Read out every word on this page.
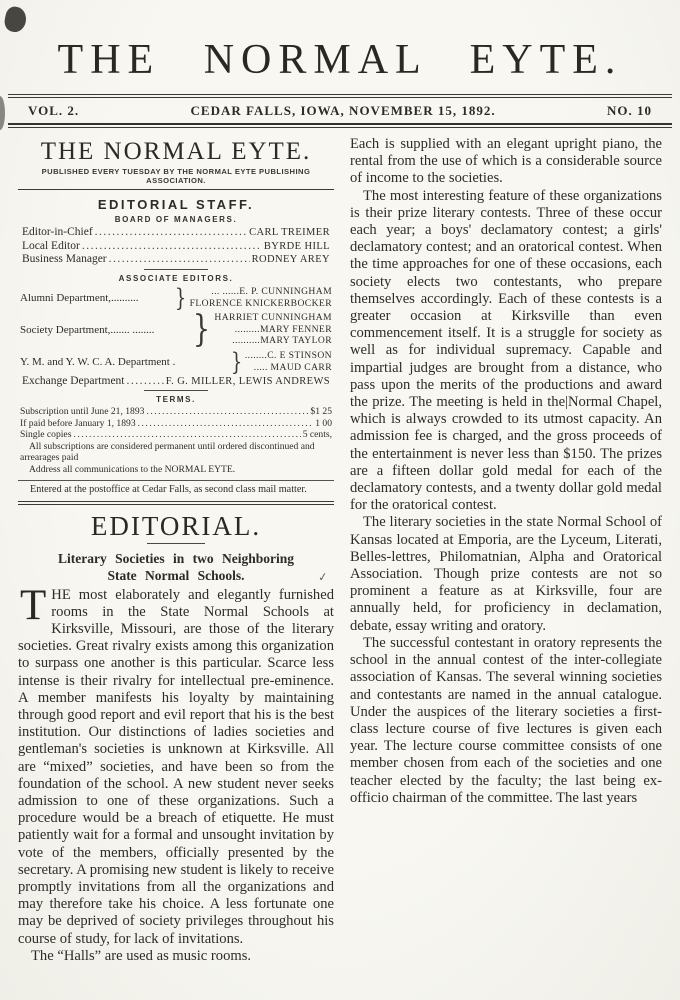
THE NORMAL EYTE.
VOL. 2.	CEDAR FALLS, IOWA, NOVEMBER 15, 1892.	NO. 10
THE NORMAL EYTE.
PUBLISHED EVERY TUESDAY BY THE NORMAL EYTE PUBLISHING ASSOCIATION.
EDITORIAL STAFF.
BOARD OF MANAGERS.
Editor-in-Chief .....	CARL TREIMER
Local Editor .....	BYRDE HILL
Business Manager .....	RODNEY AREY
ASSOCIATE EDITORS.
Alumni Department,.......... }	... ......E. P. CUNNINGHAM
FLORENCE KNICKERBOCKER
Society Department,....... ........ } HARRIET CUNNINGHAM
.........MARY FENNER
..........MARY TAYLOR
Y. M. and Y. W. C. A. Department . } ........C. E STINSON
..... MAUD CARR
Exchange Department .....	F. G. MILLER, LEWIS ANDREWS
TERMS.
Subscription until June 21, 1893 .....	$1 25
If paid before January 1, 1893 .....	1 00
Single copies .....	5 cents,

All subscriptions are considered permanent until ordered discontinued and arrearages paid

Address all communications to the NORMAL EYTE.

Entered at the postoffice at Cedar Falls, as second class mail matter.

EDITORIAL.
Literary Societies in two Neighboring
State Normal Schools.	✓

THE most elaborately and elegantly furnished rooms in the State Normal Schools at Kirksville, Missouri, are those of the literary societies. Great rivalry exists among this organization to surpass one another is this particular. Scarce less intense is their rivalry for intellectual pre-eminence. A member manifests his loyalty by maintaining through good report and evil report that his is the best institution. Our distinctions of ladies societies and gentleman's societies is unknown at Kirksville. All are “mixed” societies, and have been so from the foundation of the school. A new student never seeks admission to one of these organizations. Such a procedure would be a breach of etiquette. He must patiently wait for a formal and unsought invitation by vote of the members, officially presented by the secretary. A promising new student is likely to receive promptly invitations from all the organizations and may therefore take his choice. A less fortunate one may be deprived of society privileges throughout his course of study, for lack of invitations.

The “Halls” are used as music rooms.

Each is supplied with an elegant upright piano, the rental from the use of which is a considerable source of income to the societies.

The most interesting feature of these organizations is their prize literary contests. Three of these occur each year; a boys' declamatory contest; a girls' declamatory contest; and an oratorical contest. When the time approaches for one of these occasions, each society elects two contestants, who prepare themselves accordingly. Each of these contests is a greater occasion at Kirksville than even commencement itself. It is a struggle for society as well as for individual supremacy. Capable and impartial judges are brought from a distance, who pass upon the merits of the productions and award the prize. The meeting is held in the|Normal Chapel, which is always crowded to its utmost capacity. An admission fee is charged, and the gross proceeds of the entertainment is never less than $150. The prizes are a fifteen dollar gold medal for each of the declamatory contests, and a twenty dollar gold medal for the oratorical contest.

The literary societies in the state Normal School of Kansas located at Emporia, are the Lyceum, Literati, Belles-lettres, Philomatnian, Alpha and Oratorical Association. Though prize contests are not so prominent a feature as at Kirksville, four are annually held, for proficiency in declamation, debate, essay writing and oratory.

The successful contestant in oratory represents the school in the annual contest of the inter-collegiate association of Kansas. The several winning societies and contestants are named in the annual catalogue. Under the auspices of the literary societies a first-class lecture course of five lectures is given each year. The lecture course committee consists of one member chosen from each of the societies and one teacher elected by the faculty; the last being ex-officio chairman of the committee. The last years
